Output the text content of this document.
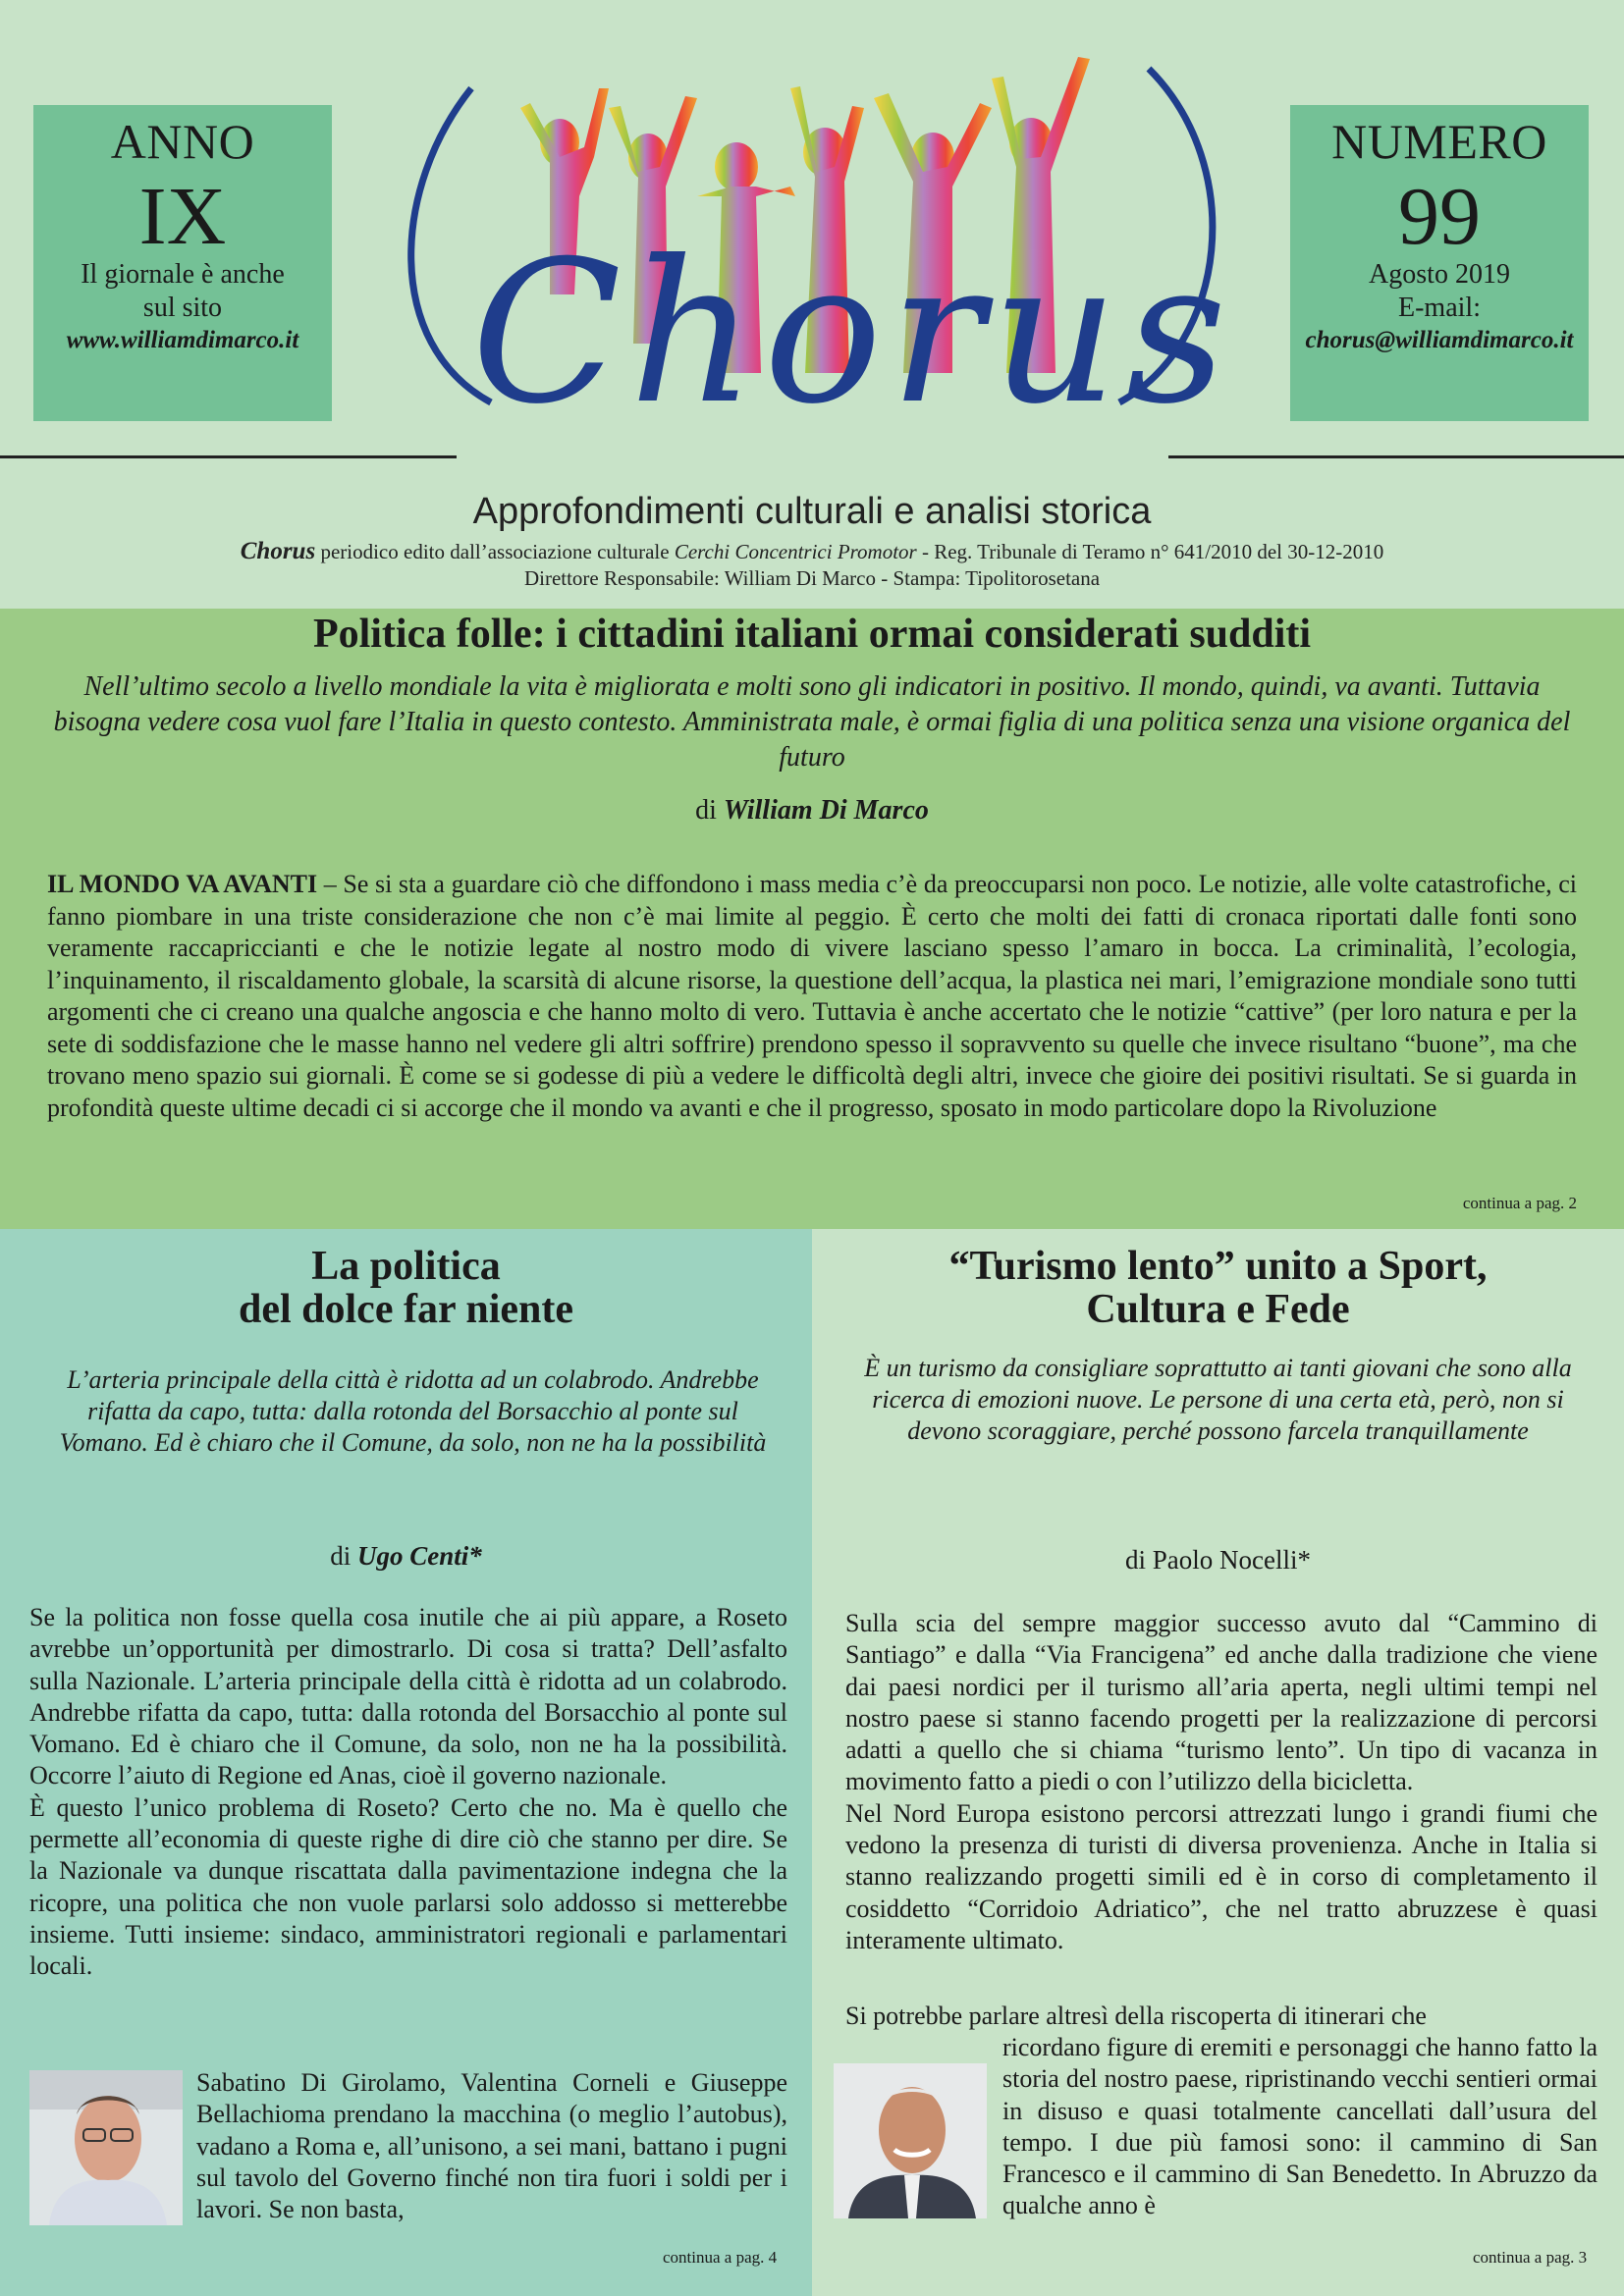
ANNO
IX
Il giornale è anche
sul sito
www.williamdimarco.it Chorus
NUMERO
99
Agosto 2019
E-mail:
chorus@williamdimarco.it
Approfondimenti culturali e analisi storica
Chorus periodico edito dall’associazione culturale Cerchi Concentrici Promotor - Reg. Tribunale di Teramo n° 641/2010 del 30-12-2010
Direttore Responsabile: William Di Marco - Stampa: Tipolitorosetana
Politica folle: i cittadini italiani ormai considerati sudditi
Nell’ultimo secolo a livello mondiale la vita è migliorata e molti sono gli indicatori in positivo. Il mondo, quindi, va avanti. Tuttavia bisogna vedere cosa vuol fare l’Italia in questo contesto. Amministrata male, è ormai figlia di una politica senza una visione organica del futuro
di William Di Marco
IL MONDO VA AVANTI – Se si sta a guardare ciò che diffondono i mass media c’è da preoccuparsi non poco. Le notizie, alle volte catastrofiche, ci fanno piombare in una triste considerazione che non c’è mai limite al peggio. È certo che molti dei fatti di cronaca riportati dalle fonti sono veramente raccapriccianti e che le notizie legate al nostro modo di vivere lasciano spesso l’amaro in bocca. La criminalità, l’ecologia, l’inquinamento, il riscaldamento globale, la scarsità di alcune risorse, la questione dell’acqua, la plastica nei mari, l’emigrazione mondiale sono tutti argomenti che ci creano una qualche angoscia e che hanno molto di vero. Tuttavia è anche accertato che le notizie “cattive” (per loro natura e per la sete di soddisfazione che le masse hanno nel vedere gli altri soffrire) prendono spesso il sopravvento su quelle che invece risultano “buone”, ma che trovano meno spazio sui giornali. È come se si godesse di più a vedere le difficoltà degli altri, invece che gioire dei positivi risultati. Se si guarda in profondità queste ultime decadi ci si accorge che il mondo va avanti e che il progresso, sposato in modo particolare dopo la Rivoluzione
continua a pag. 2
La politica
del dolce far niente
L’arteria principale della città è ridotta ad un colabrodo. Andrebbe rifatta da capo, tutta: dalla rotonda del Borsacchio al ponte sul Vomano. Ed è chiaro che il Comune, da solo, non ne ha la possibilità
di Ugo Centi*
Se la politica non fosse quella cosa inutile che ai più appare, a Roseto avrebbe un’opportunità per dimostrarlo. Di cosa si tratta? Dell’asfalto sulla Nazionale. L’arteria principale della città è ridotta ad un colabrodo. Andrebbe rifatta da capo, tutta: dalla rotonda del Borsacchio al ponte sul Vomano. Ed è chiaro che il Comune, da solo, non ne ha la possibilità. Occorre l’aiuto di Regione ed Anas, cioè il governo nazionale.
È questo l’unico problema di Roseto? Certo che no. Ma è quello che permette all’economia di queste righe di dire ciò che stanno per dire. Se la Nazionale va dunque riscattata dalla pavimentazione indegna che la ricopre, una politica che non vuole parlarsi solo addosso si metterebbe insieme. Tutti insieme: sindaco, amministratori regionali e parlamentari locali.
Sabatino Di Girolamo, Valentina Corneli e Giuseppe Bellachioma prendano la macchina (o meglio l’autobus), vadano a Roma e, all’unisono, a sei mani, battano i pugni sul tavolo del Governo finché non tira fuori i soldi per i lavori. Se non basta,
continua a pag. 4
“Turismo lento” unito a Sport,
Cultura e Fede
È un turismo da consigliare soprattutto ai tanti giovani che sono alla ricerca di emozioni nuove. Le persone di una certa età, però, non si devono scoraggiare, perché possono farcela tranquillamente
di Paolo Nocelli*
Sulla scia del sempre maggior successo avuto dal “Cammino di Santiago” e dalla “Via Francigena” ed anche dalla tradizione che viene dai paesi nordici per il turismo all’aria aperta, negli ultimi tempi nel nostro paese si stanno facendo progetti per la realizzazione di percorsi adatti a quello che si chiama “turismo lento”. Un tipo di vacanza in movimento fatto a piedi o con l’utilizzo della bicicletta.
Nel Nord Europa esistono percorsi attrezzati lungo i grandi fiumi che vedono la presenza di turisti di diversa provenienza. Anche in Italia si stanno realizzando progetti simili ed è in corso di completamento il cosiddetto “Corridoio Adriatico”, che nel tratto abruzzese è quasi interamente ultimato.
Si potrebbe parlare altresì della riscoperta di itinerari che
ricordano figure di eremiti e personaggi che hanno fatto la storia del nostro paese, ripristinando vecchi sentieri ormai in disuso e quasi totalmente cancellati dall’usura del tempo. I due più famosi sono: il cammino di San Francesco e il cammino di San Benedetto. In Abruzzo da qualche anno è
continua a pag. 3
